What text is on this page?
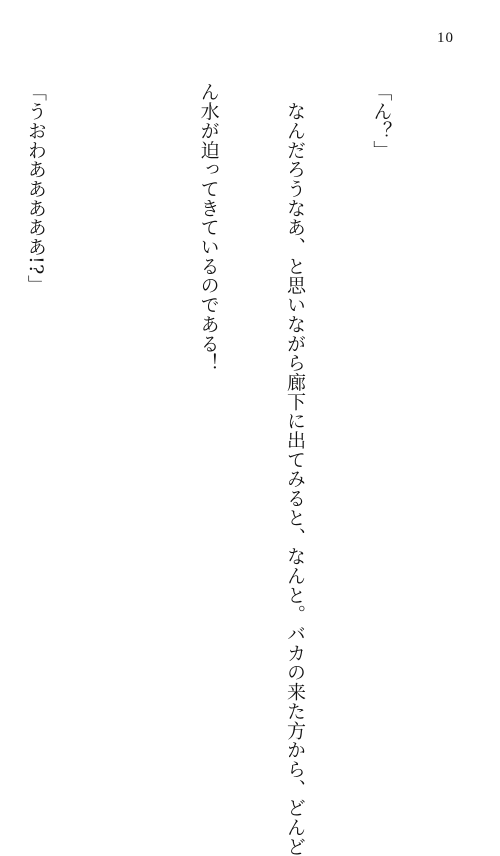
10

「ん？」

　なんだろうなあ、と思いながら廊下に出てみると、なんと。バカの来た方から、どんど

ん水が迫ってきているのである！

「うおわあああああ!?」
